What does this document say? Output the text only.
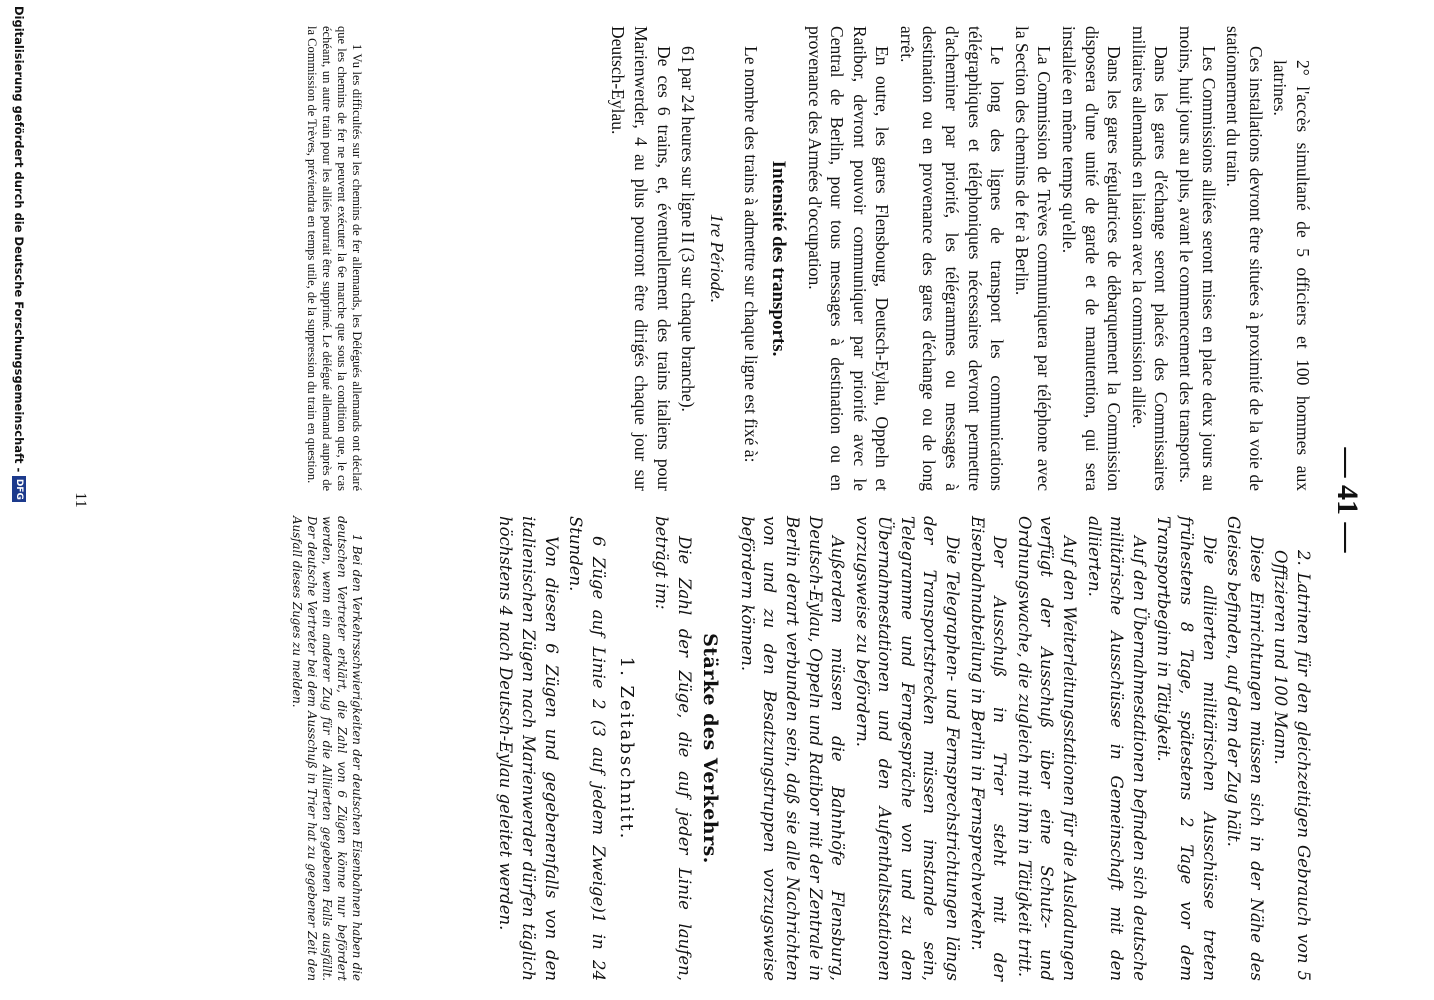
— 41 —

2° l'accès simultané de 5 officiers et 100 hommes aux latrines.

Ces installations devront être situées à proximité de la voie de stationnement du train.

Les Commissions alliées seront mises en place deux jours au moins, huit jours au plus, avant le commencement des transports.

Dans les gares d'échange seront placés des Commissaires militaires allemands en liaison avec la commission alliée.

Dans les gares régulatrices de débarquement la Commission disposera d'une unité de garde et de manutention, qui sera installée en même temps qu'elle.

La Commission de Trèves communiquera par téléphone avec la Section des chemins de fer à Berlin.

Le long des lignes de transport les communications télégraphiques et téléphoniques nécessaires devront permettre d'acheminer par priorité, les télégrammes ou messages à destination ou en provenance des gares d'échange ou de long arrêt.

En outre, les gares Flensbourg, Deutsch-Eylau, Oppeln et Ratibor, devront pouvoir communiquer par priorité avec le Central de Berlin, pour tous messages à destination ou en provenance des Armées d'occupation.

Intensité des transports.

Le nombre des trains à admettre sur chaque ligne est fixé à:

1re Période.

61 par 24 heures sur ligne II (3 sur chaque branche).

De ces 6 trains, et, éventuellement des trains italiens pour Marienwerder, 4 au plus pourront être dirigés chaque jour sur Deutsch-Eylau.

2. Latrinen für den gleichzeitigen Gebrauch von 5 Offizieren und 100 Mann.

Diese Einrichtungen müssen sich in der Nähe des Gleises befinden, auf dem der Zug hält.

Die alliierten militärischen Ausschüsse treten frühestens 8 Tage, spätestens 2 Tage vor dem Transportbeginn in Tätigkeit.

Auf den Übernahmestationen befinden sich deutsche militärische Ausschüsse in Gemeinschaft mit den alliierten.

Auf den Weiterleitungsstationen für die Ausladungen verfügt der Ausschuß über eine Schutz- und Ordnungswache, die zugleich mit ihm in Tätigkeit tritt.

Der Ausschuß in Trier steht mit der Eisenbahnabteilung in Berlin in Fernsprechverkehr.

Die Telegraphen- und Fernsprechstrichtungen längs der Transportstrecken müssen imstande sein, Telegramme und Ferngespräche von und zu den Übernahmestationen und den Aufenthaltsstationen vorzugsweise zu befördern.

Außerdem müssen die Bahnhöfe Flensburg, Deutsch-Eylau, Oppeln und Ratibor mit der Zentrale in Berlin derart verbunden sein, daß sie alle Nachrichten von und zu den Besatzungstruppen vorzugsweise befördern können.

Stärke des Verkehrs.

Die Zahl der Züge, die auf jeder Linie laufen, beträgt im:

1. Zeitabschnitt.

6 Züge auf Linie 2 (3 auf jedem Zweige)1 in 24 Stunden.

Von diesen 6 Zügen und gegebenenfalls von den italienischen Zügen nach Marienwerder dürfen täglich höchstens 4 nach Deutsch-Eylau geleitet werden.

1 Vu les difficultés sur les chemins de fer allemands, les Délégués allemands ont déclaré que les chemins de fer ne peuvent exécuter la 6e marche que sous la condition que, le cas échéant, un autre train pour les alliés pourrait être supprimé. Le délégué allemand auprès de la Commission de Trèves, préviendra en temps utile, de la suppression du train en question.

1 Bei den Verkehrsschwierigkeiten der deutschen Eisenbahnen haben die deutschen Vertreter erklärt, die Zahl von 6 Zügen könne nur befördert werden, wenn ein anderer Zug für die Alliierten gegebenen Falls ausfällt. Der deutsche Vertreter bei dem Ausschuß in Trier hat zu gegebener Zeit den Ausfall dieses Zuges zu melden.

11
Digitalisierung gefördert durch die Deutsche Forschungsgemeinschaft -
DFG
